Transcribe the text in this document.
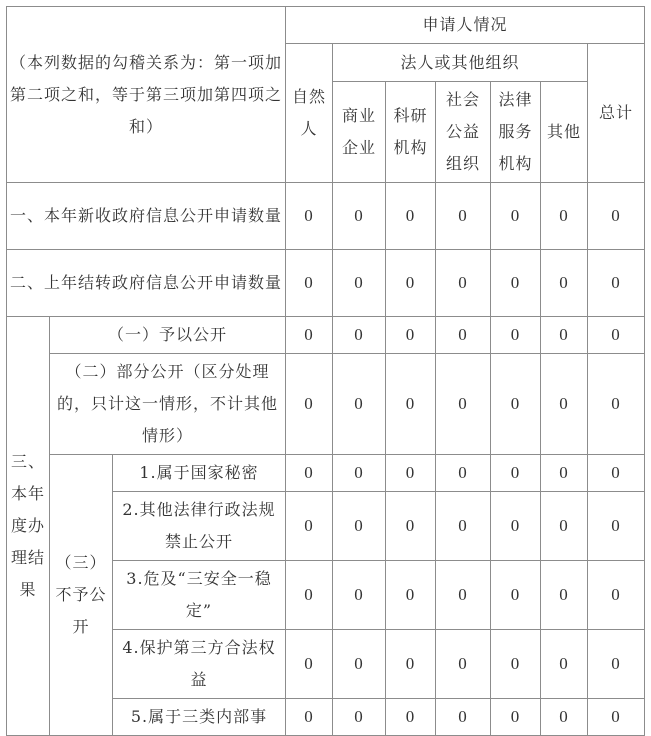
（本列数据的勾稽关系为：第一项加第二项之和，等于第三项加第四项之和）			申请人情况						
			自然人	法人或其他组织					总计
				商业企业	科研机构	社会公益组织	法律服务机构	其他	
一、本年新收政府信息公开申请数量			0	0	0	0	0	0	0
二、上年结转政府信息公开申请数量			0	0	0	0	0	0	0
三、本年度办理结果	（一）予以公开		0	0	0	0	0	0	0
	（二）部分公开（区分处理的，只计这一情形，不计其他情形）		0	0	0	0	0	0	0
	（三）不予公开	1.属于国家秘密	0	0	0	0	0	0	0
		2.其他法律行政法规禁止公开	0	0	0	0	0	0	0
		3.危及“三安全一稳定”	0	0	0	0	0	0	0
		4.保护第三方合法权益	0	0	0	0	0	0	0
		5.属于三类内部事	0	0	0	0	0	0	0
